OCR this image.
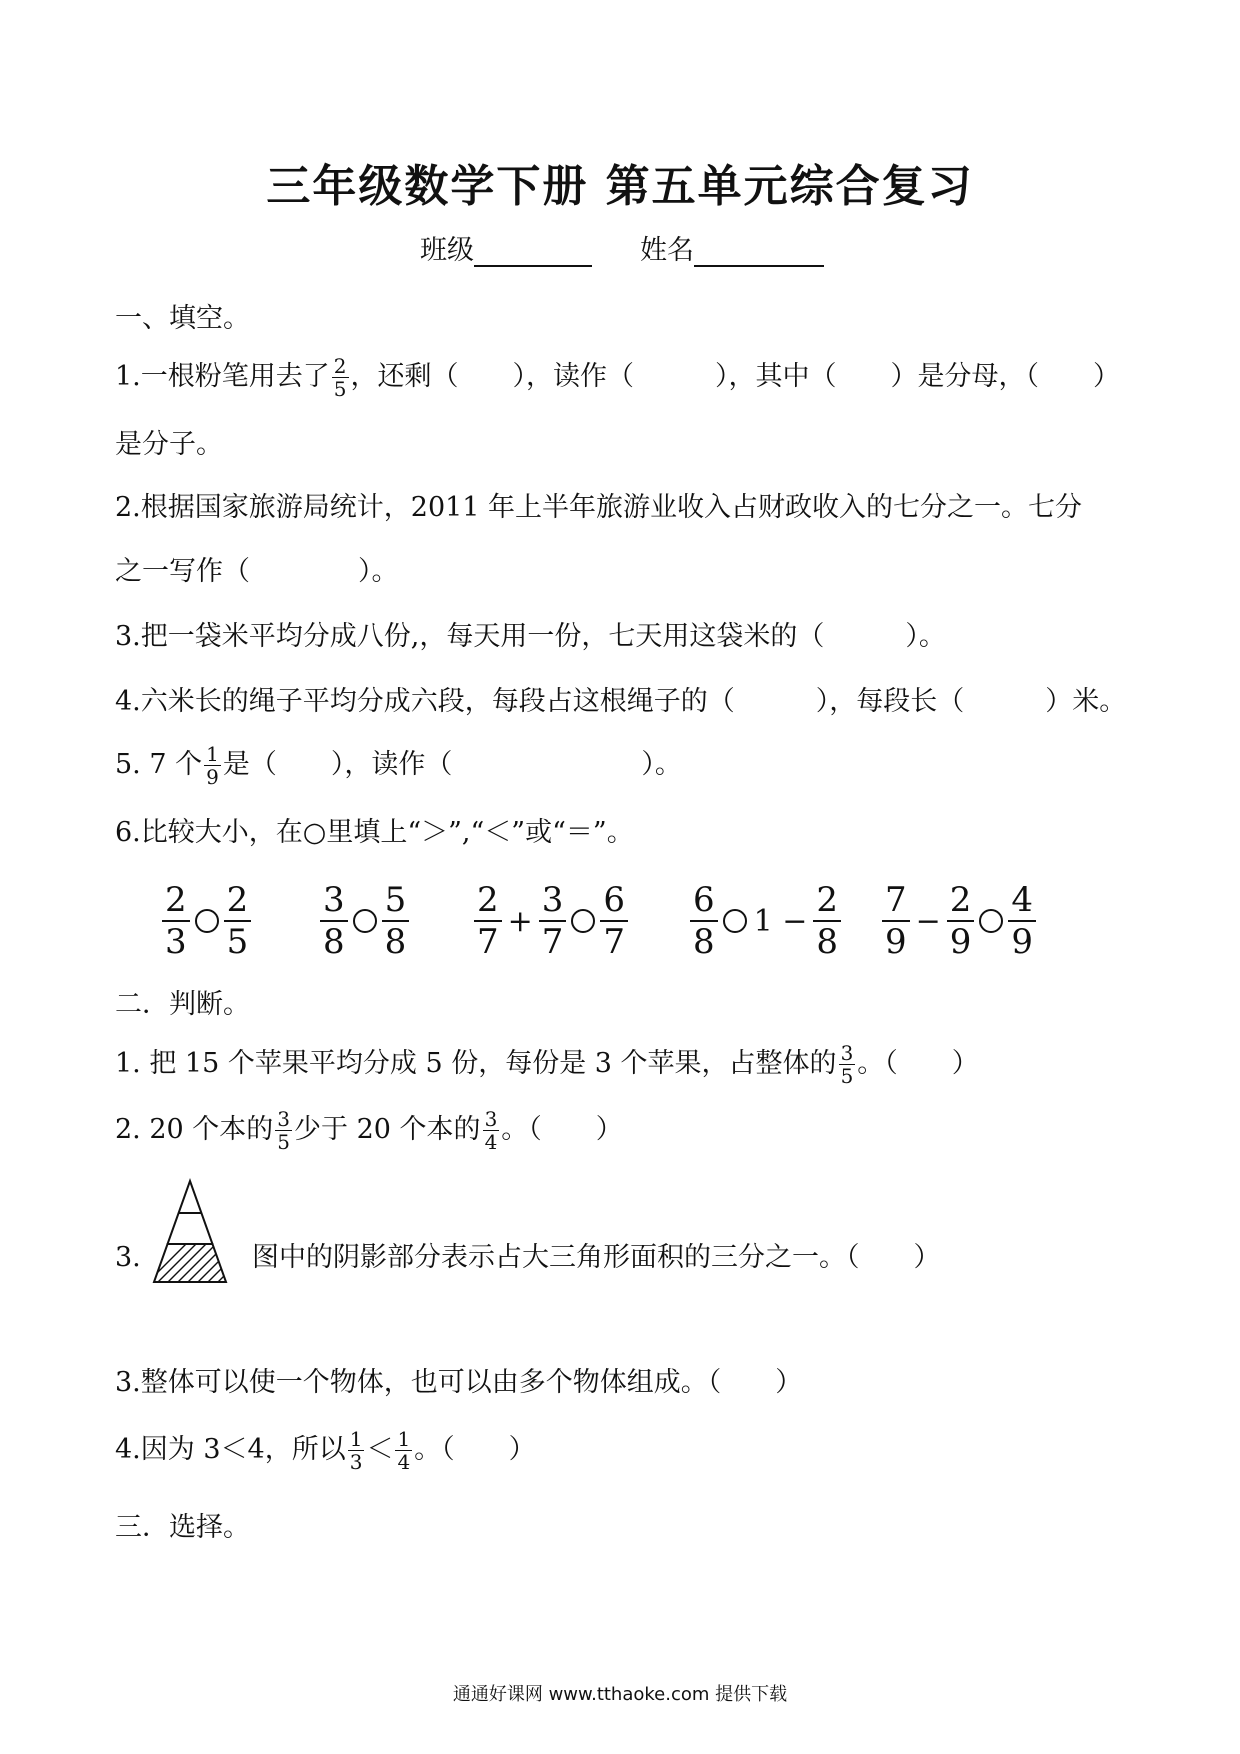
三年级数学下册 第五单元综合复习
班级	姓名
一、填空。
1.一根粉笔用去了 $\frac{2}{5}$ ，还剩（　　），读作（　　　），其中（　　）是分母，（　　）
是分子。
2.根据国家旅游局统计，2011 年上半年旅游业收入占财政收入的七分之一。七分
之一写作（　　　　）。
3.把一袋米平均分成八份,，每天用一份，七天用这袋米的（　　　）。
4.六米长的绳子平均分成六段，每段占这根绳子的（　　　），每段长（　　　）米。
5. 7 个 $\frac{1}{9}$ 是（　　），读作（　　　　　　　）。
6.比较大小，在○里填上“＞”,“＜”或“＝”。
$\frac{2}{3} \frac{2}{5} \frac{3}{8} \frac{5}{8} \frac{2}{7} + \frac{3}{7} \frac{6}{7} \frac{6}{8} 1 - \frac{2}{8} \frac{7}{9} - \frac{2}{9} \frac{4}{9}$
二．判断。
1. 把 15 个苹果平均分成 5 份，每份是 3 个苹果，占整体的 $\frac{3}{5}$ 。（　　）
2. 20 个本的 $\frac{3}{5}$ 少于 20 个本的 $\frac{3}{4}$ 。（　　）
3.	图中的阴影部分表示占大三角形面积的三分之一。（　　）
3.整体可以使一个物体，也可以由多个物体组成。（　　）
4.因为 3＜4，所以 $\frac{1}{3} < \frac{1}{4}$ 。（　　）
三．选择。
通通好课网 www.tthaoke.com 提供下载
